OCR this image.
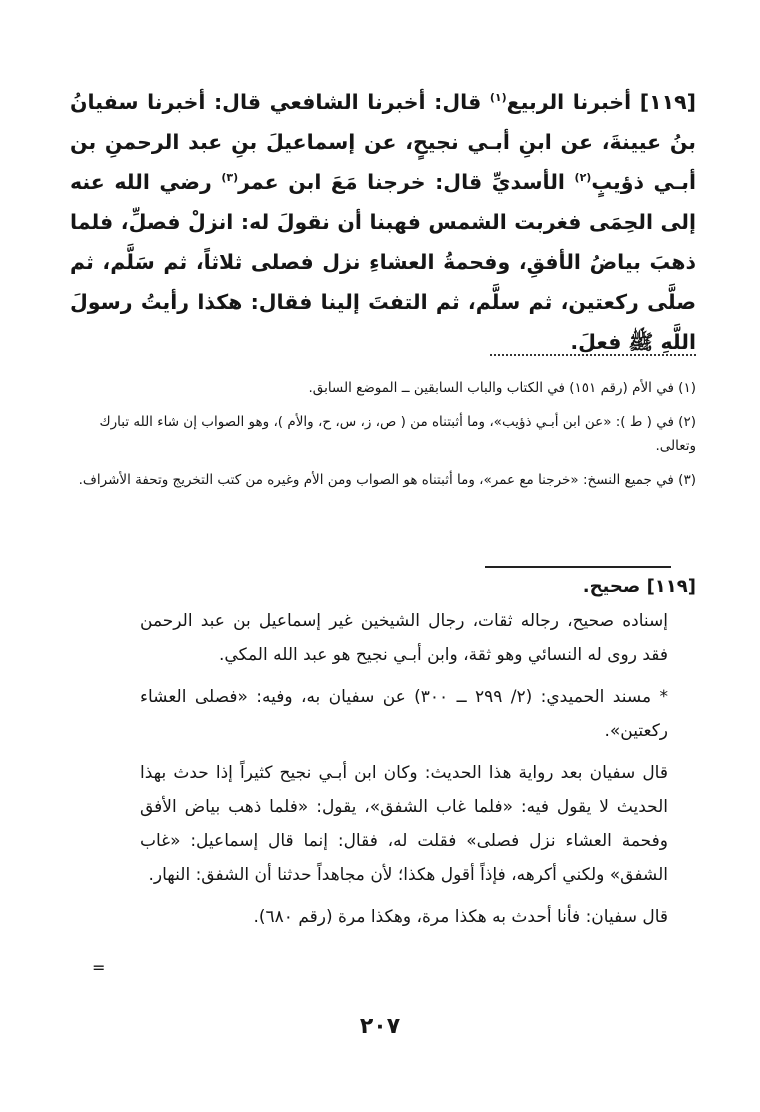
[١١٩] أخبرنا الربيع$^{(١)}$ قال: أخبرنا الشافعي قال: أخبرنا سفيانُ بنُ عيينةَ، عن ابنِ أبـي نجيحٍ، عن إسماعيلَ بنِ عبد الرحمنِ بن أبـي ذؤيبٍ$^{(٢)}$ الأسديِّ قال: خرجنا مَعَ ابن عمر$^{(٣)}$ رضي الله عنه إلى الحِمَى فغربت الشمس فهبنا أن نقولَ له: انزلْ فصلِّ، فلما ذهبَ بياضُ الأفقِ، وفحمةُ العشاءِ نزل فصلى ثلاثاً، ثم سَلَّم، ثم صلَّى ركعتين، ثم سلَّم، ثم التفتَ إلينا فقال: هكذا رأيتُ رسولَ اللَّهِ ﷺ فعلَ.

(١) في الأم (رقم ١٥١) في الكتاب والباب السابقين ــ الموضع السابق.

(٢) في ( ط ): «عن ابن أبـي ذؤيب»، وما أثبتناه من ( ص، ز، س، ح، والأم )، وهو الصواب إن شاء الله تبارك وتعالى.

(٣) في جميع النسخ: «خرجنا مع عمر»، وما أثبتناه هو الصواب ومن الأم وغيره من كتب التخريج وتحفة الأشراف.

[١١٩] صحيح.

إسناده صحيح، رجاله ثقات، رجال الشيخين غير إسماعيل بن عبد الرحمن فقد روى له النسائي وهو ثقة، وابن أبـي نجيح هو عبد الله المكي.

* مسند الحميدي: (٢/ ٢٩٩ ــ ٣٠٠) عن سفيان به، وفيه: «فصلى العشاء ركعتين».

قال سفيان بعد رواية هذا الحديث: وكان ابن أبـي نجيح كثيراً إذا حدث بهذا الحديث لا يقول فيه: «فلما غاب الشفق»، يقول: «فلما ذهب بياض الأفق وفحمة العشاء نزل فصلى» فقلت له، فقال: إنما قال إسماعيل: «غاب الشفق» ولكني أكرهه، فإذاً أقول هكذا؛ لأن مجاهداً حدثنا أن الشفق: النهار.

قال سفيان: فأنا أحدث به هكذا مرة، وهكذا مرة (رقم ٦٨٠).

=
٢٠٧
